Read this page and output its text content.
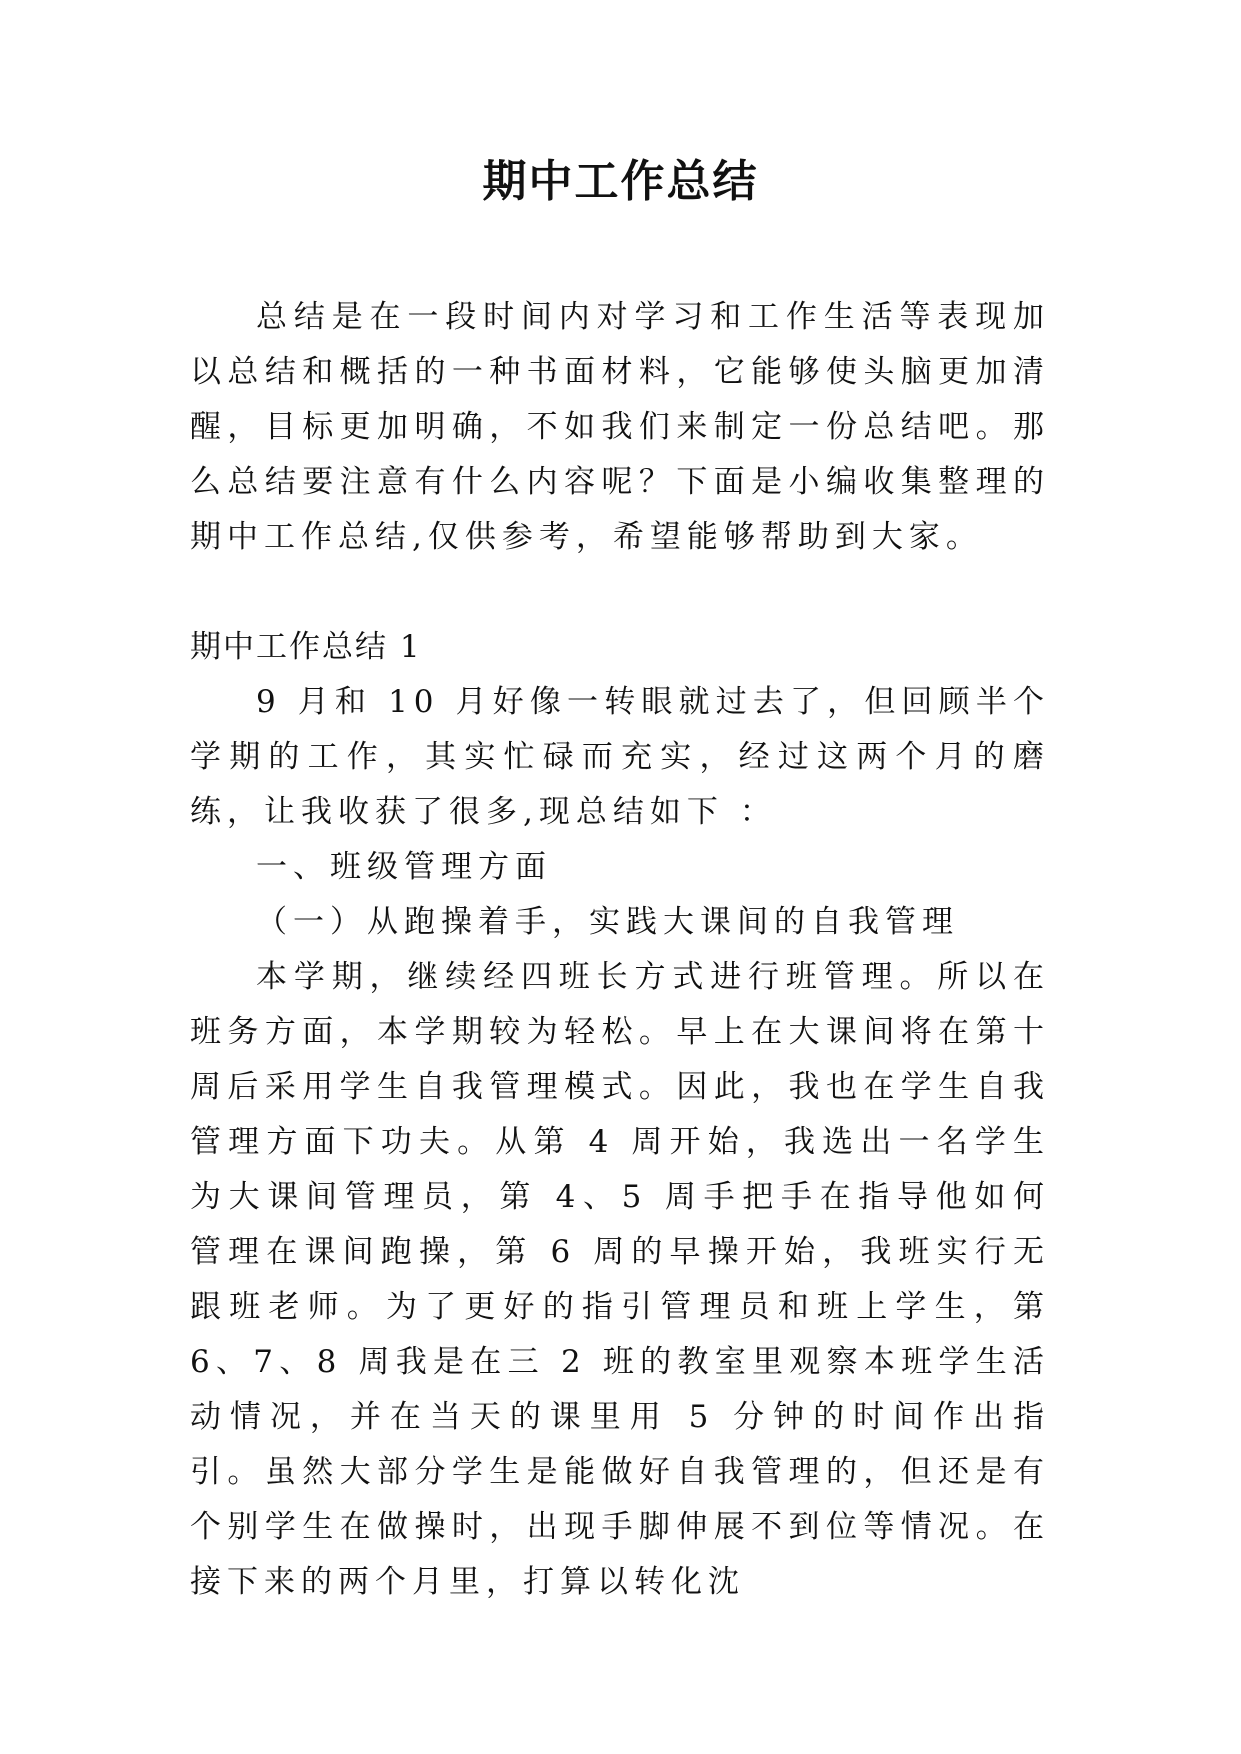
期中工作总结

总结是在一段时间内对学习和工作生活等表现加以总结和概括的一种书面材料，它能够使头脑更加清醒，目标更加明确，不如我们来制定一份总结吧。那么总结要注意有什么内容呢？下面是小编收集整理的期中工作总结,仅供参考，希望能够帮助到大家。

期中工作总结 1

9 月和 10 月好像一转眼就过去了，但回顾半个学期的工作，其实忙碌而充实，经过这两个月的磨练，让我收获了很多,现总结如下 ：

一、班级管理方面

（一）从跑操着手，实践大课间的自我管理

本学期，继续经四班长方式进行班管理。所以在班务方面，本学期较为轻松。早上在大课间将在第十周后采用学生自我管理模式。因此，我也在学生自我管理方面下功夫。从第 4 周开始，我选出一名学生为大课间管理员，第 4、5 周手把手在指导他如何管理在课间跑操，第 6 周的早操开始，我班实行无跟班老师。为了更好的指引管理员和班上学生，第 6、7、8 周我是在三 2 班的教室里观察本班学生活动情况，并在当天的课里用 5 分钟的时间作出指引。虽然大部分学生是能做好自我管理的，但还是有个别学生在做操时，出现手脚伸展不到位等情况。在接下来的两个月里，打算以转化沈
